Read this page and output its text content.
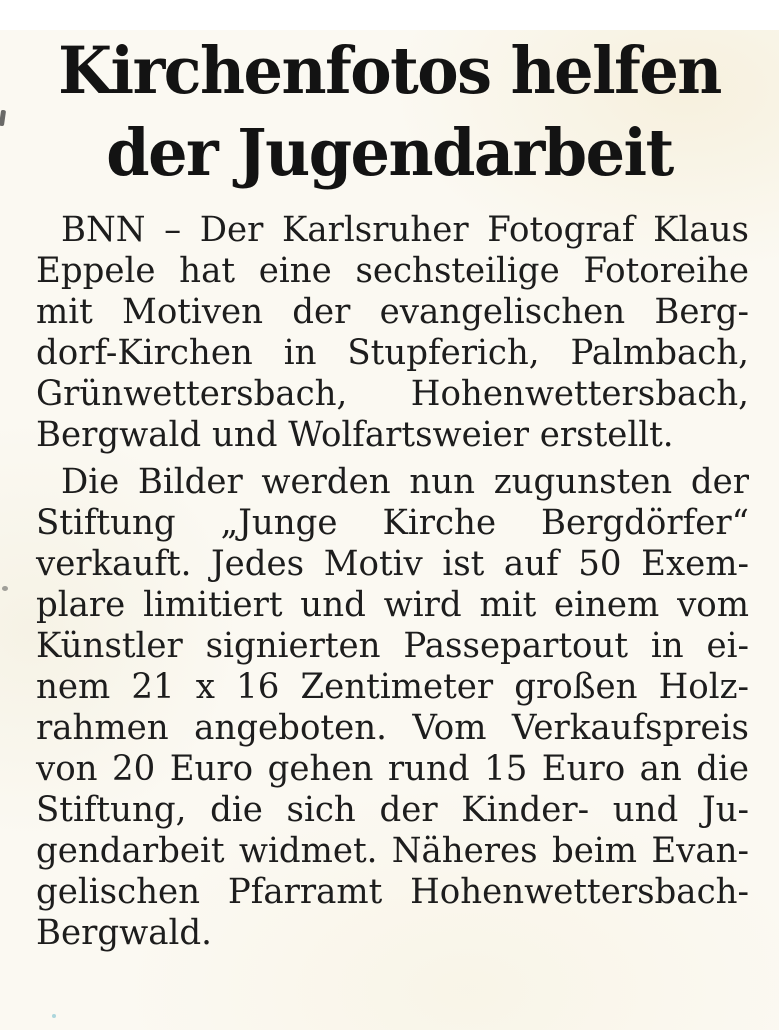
Kirchenfotos helfen
der Jugendarbeit

BNN – Der Karlsruher Fotograf Klaus
Eppele hat eine sechsteilige Fotoreihe
mit Motiven der evangelischen Berg-
dorf-Kirchen in Stupferich, Palmbach,
Grünwettersbach, Hohenwettersbach,
Bergwald und Wolfartsweier erstellt.

Die Bilder werden nun zugunsten der
Stiftung „Junge Kirche Bergdörfer“
verkauft. Jedes Motiv ist auf 50 Exem-
plare limitiert und wird mit einem vom
Künstler signierten Passepartout in ei-
nem 21 x 16 Zentimeter großen Holz-
rahmen angeboten. Vom Verkaufspreis
von 20 Euro gehen rund 15 Euro an die
Stiftung, die sich der Kinder- und Ju-
gendarbeit widmet. Näheres beim Evan-
gelischen Pfarramt Hohenwettersbach-
Bergwald.
